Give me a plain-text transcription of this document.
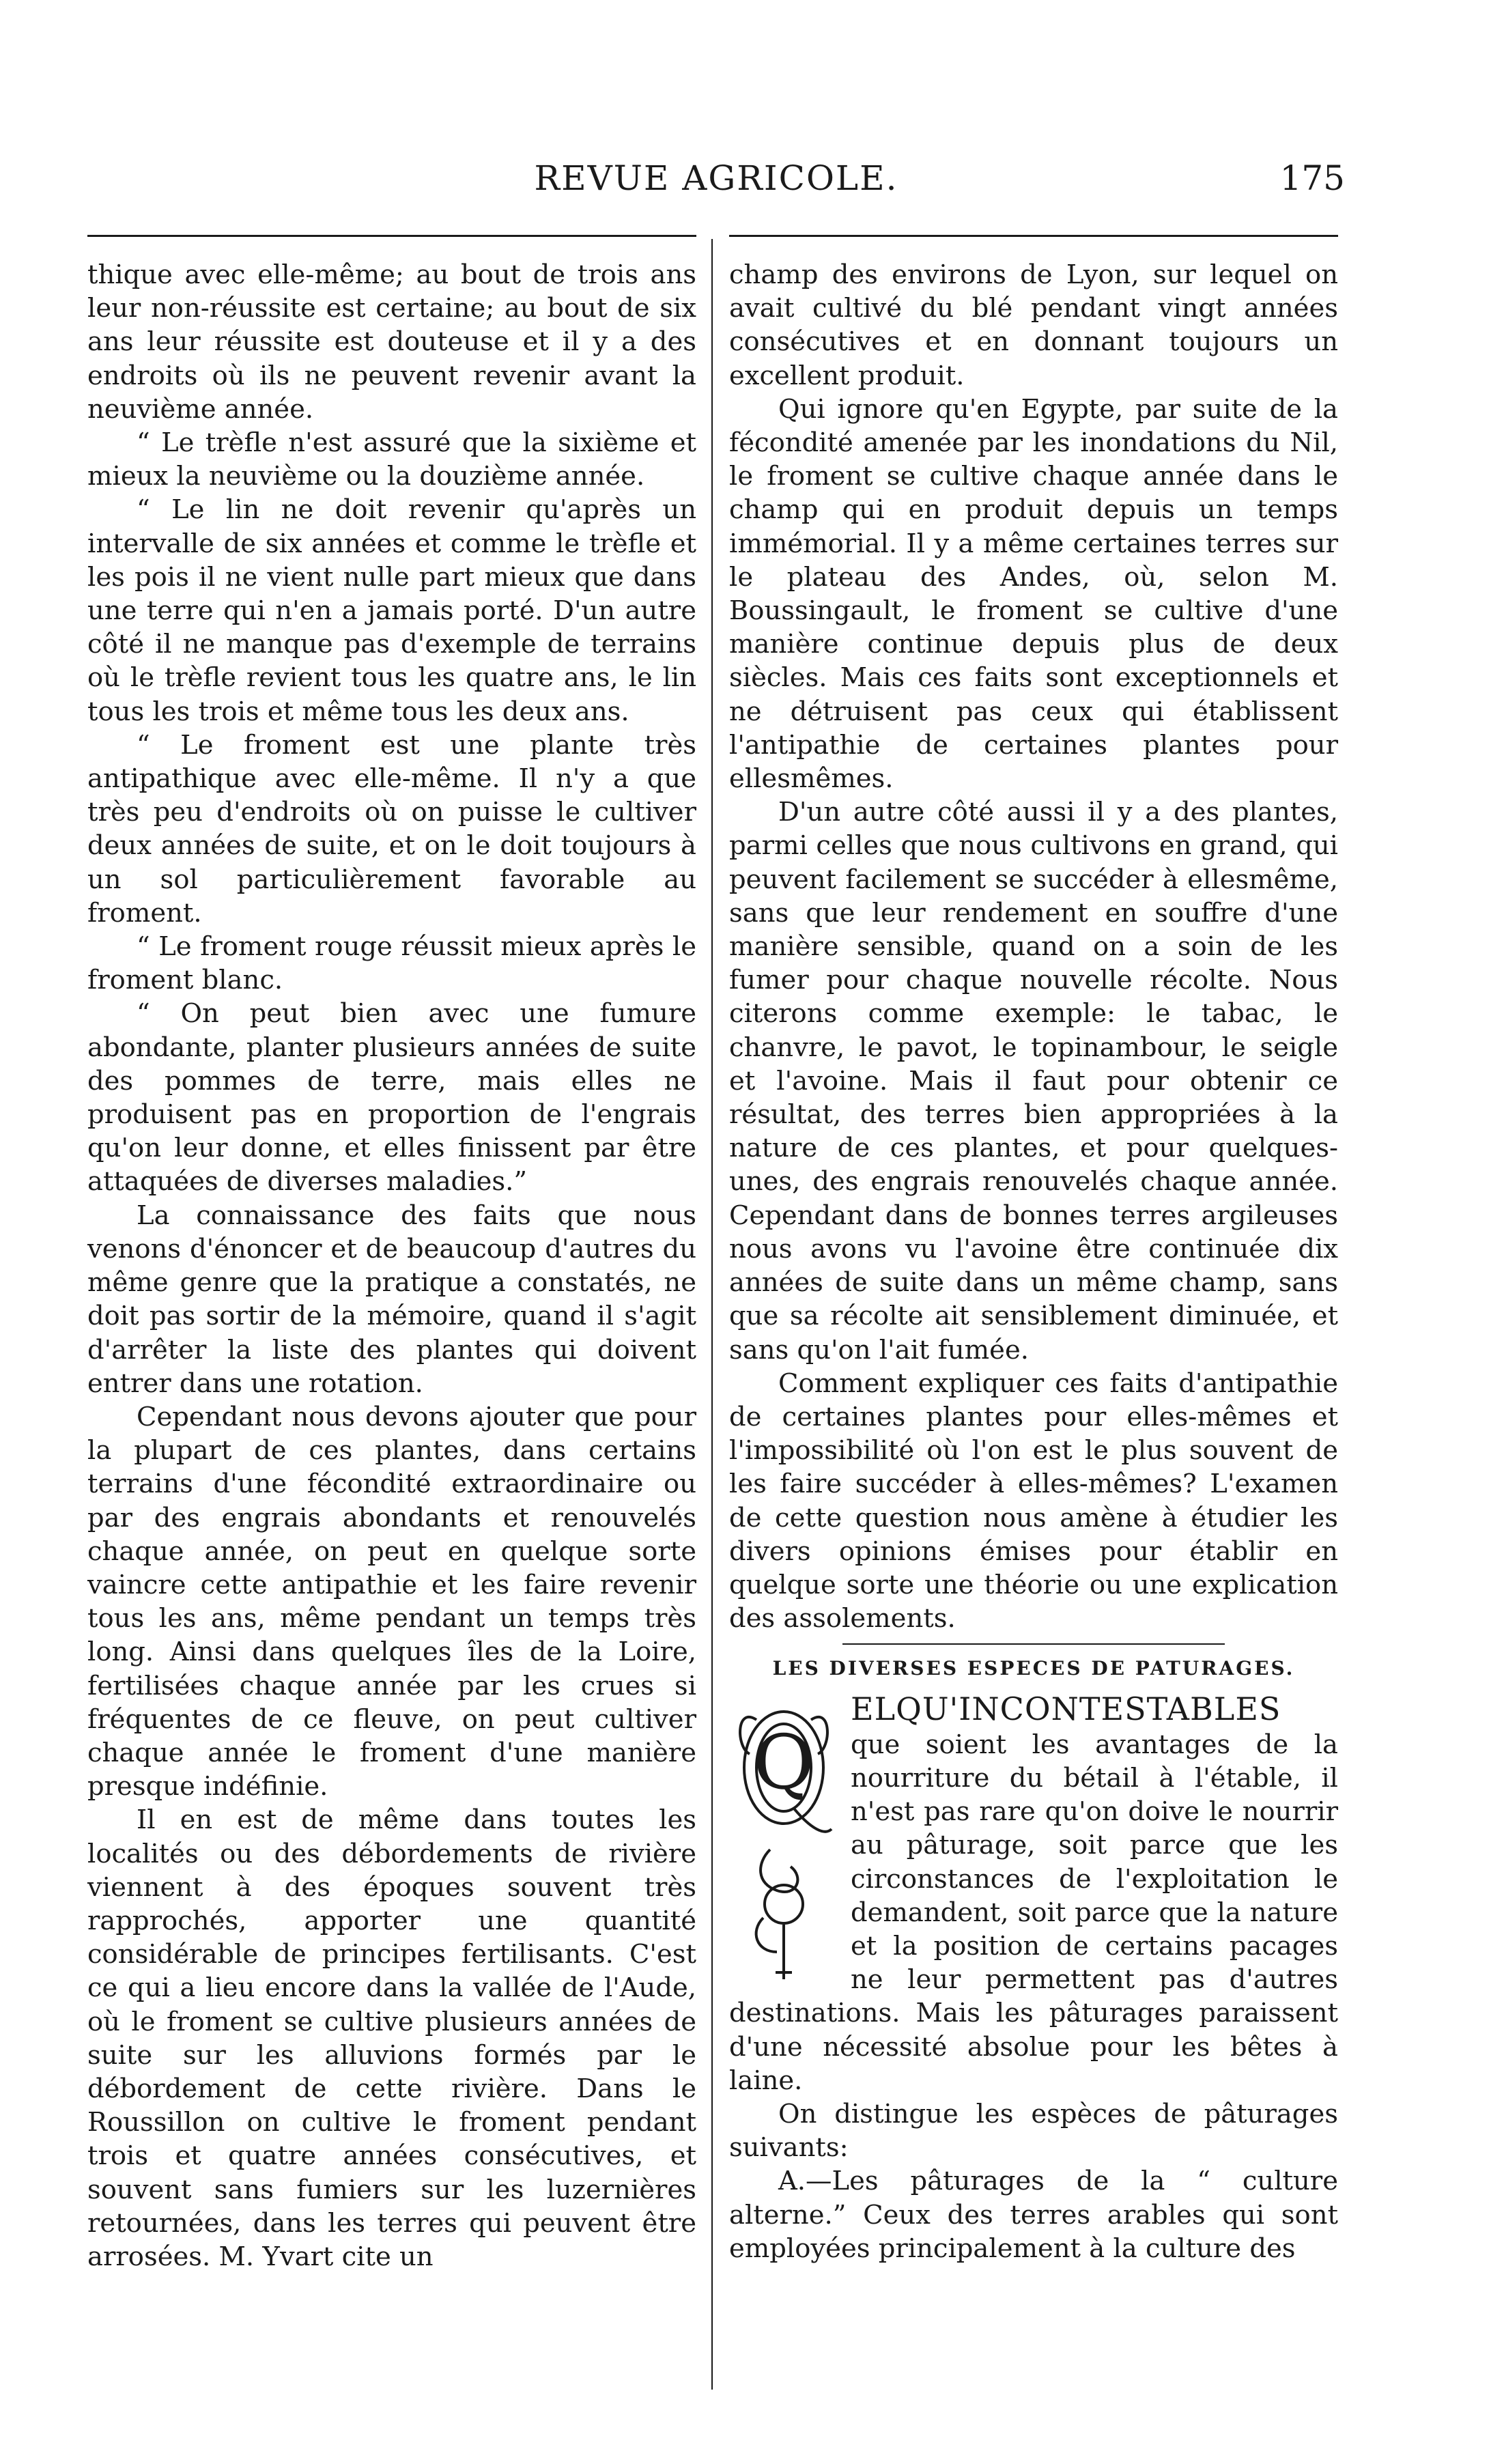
REVUE AGRICOLE.	175

thique avec elle-même; au bout de trois ans leur non-réussite est certaine; au bout de six ans leur réussite est douteuse et il y a des endroits où ils ne peuvent revenir avant la neuvième année.

“ Le trèfle n'est assuré que la sixième et mieux la neuvième ou la douzième année.

“ Le lin ne doit revenir qu'après un intervalle de six années et comme le trèfle et les pois il ne vient nulle part mieux que dans une terre qui n'en a jamais porté. D'un autre côté il ne manque pas d'exemple de terrains où le trèfle revient tous les quatre ans, le lin tous les trois et même tous les deux ans.

“ Le froment est une plante très antipathique avec elle-même. Il n'y a que très peu d'endroits où on puisse le cultiver deux années de suite, et on le doit toujours à un sol particulièrement favorable au froment.

“ Le froment rouge réussit mieux après le froment blanc.

“ On peut bien avec une fumure abondante, planter plusieurs années de suite des pommes de terre, mais elles ne produisent pas en proportion de l'engrais qu'on leur donne, et elles finissent par être attaquées de diverses maladies.”

La connaissance des faits que nous venons d'énoncer et de beaucoup d'autres du même genre que la pratique a constatés, ne doit pas sortir de la mémoire, quand il s'agit d'arrêter la liste des plantes qui doivent entrer dans une rotation.

Cependant nous devons ajouter que pour la plupart de ces plantes, dans certains terrains d'une fécondité extraordinaire ou par des engrais abondants et renouvelés chaque année, on peut en quelque sorte vaincre cette antipathie et les faire revenir tous les ans, même pendant un temps très long. Ainsi dans quelques îles de la Loire, fertilisées chaque année par les crues si fréquentes de ce fleuve, on peut cultiver chaque année le froment d'une manière presque indéfinie.

Il en est de même dans toutes les localités ou des débordements de rivière viennent à des époques souvent très rapprochés, apporter une quantité considérable de principes fertilisants. C'est ce qui a lieu encore dans la vallée de l'Aude, où le froment se cultive plusieurs années de suite sur les alluvions formés par le débordement de cette rivière. Dans le Roussillon on cultive le froment pendant trois et quatre années consécutives, et souvent sans fumiers sur les luzernières retournées, dans les terres qui peuvent être arrosées. M. Yvart cite un

champ des environs de Lyon, sur lequel on avait cultivé du blé pendant vingt années consécutives et en donnant toujours un excellent produit.

Qui ignore qu'en Egypte, par suite de la fécondité amenée par les inondations du Nil, le froment se cultive chaque année dans le champ qui en produit depuis un temps immémorial. Il y a même certaines terres sur le plateau des Andes, où, selon M. Boussingault, le froment se cultive d'une manière continue depuis plus de deux siècles. Mais ces faits sont exceptionnels et ne détruisent pas ceux qui établissent l'antipathie de certaines plantes pour ellesmêmes.

D'un autre côté aussi il y a des plantes, parmi celles que nous cultivons en grand, qui peuvent facilement se succéder à ellesmême, sans que leur rendement en souffre d'une manière sensible, quand on a soin de les fumer pour chaque nouvelle récolte. Nous citerons comme exemple: le tabac, le chanvre, le pavot, le topinambour, le seigle et l'avoine. Mais il faut pour obtenir ce résultat, des terres bien appropriées à la nature de ces plantes, et pour quelques-unes, des engrais renouvelés chaque année. Cependant dans de bonnes terres argileuses nous avons vu l'avoine être continuée dix années de suite dans un même champ, sans que sa récolte ait sensiblement diminuée, et sans qu'on l'ait fumée.

Comment expliquer ces faits d'antipathie de certaines plantes pour elles-mêmes et l'impossibilité où l'on est le plus souvent de les faire succéder à elles-mêmes? L'examen de cette question nous amène à étudier les divers opinions émises pour établir en quelque sorte une théorie ou une explication des assolements.

LES DIVERSES ESPECES DE PATURAGES.
Q

ELQU'INCONTESTABLES que soient les avantages de la nourriture du bétail à l'étable, il n'est pas rare qu'on doive le nourrir au pâturage, soit parce que les circonstances de l'exploitation le demandent, soit parce que la nature et la position de certains pacages ne leur permettent pas d'autres destinations. Mais les pâturages paraissent d'une nécessité absolue pour les bêtes à laine.

On distingue les espèces de pâturages suivants:

A.—Les pâturages de la “ culture alterne.” Ceux des terres arables qui sont employées principalement à la culture des
